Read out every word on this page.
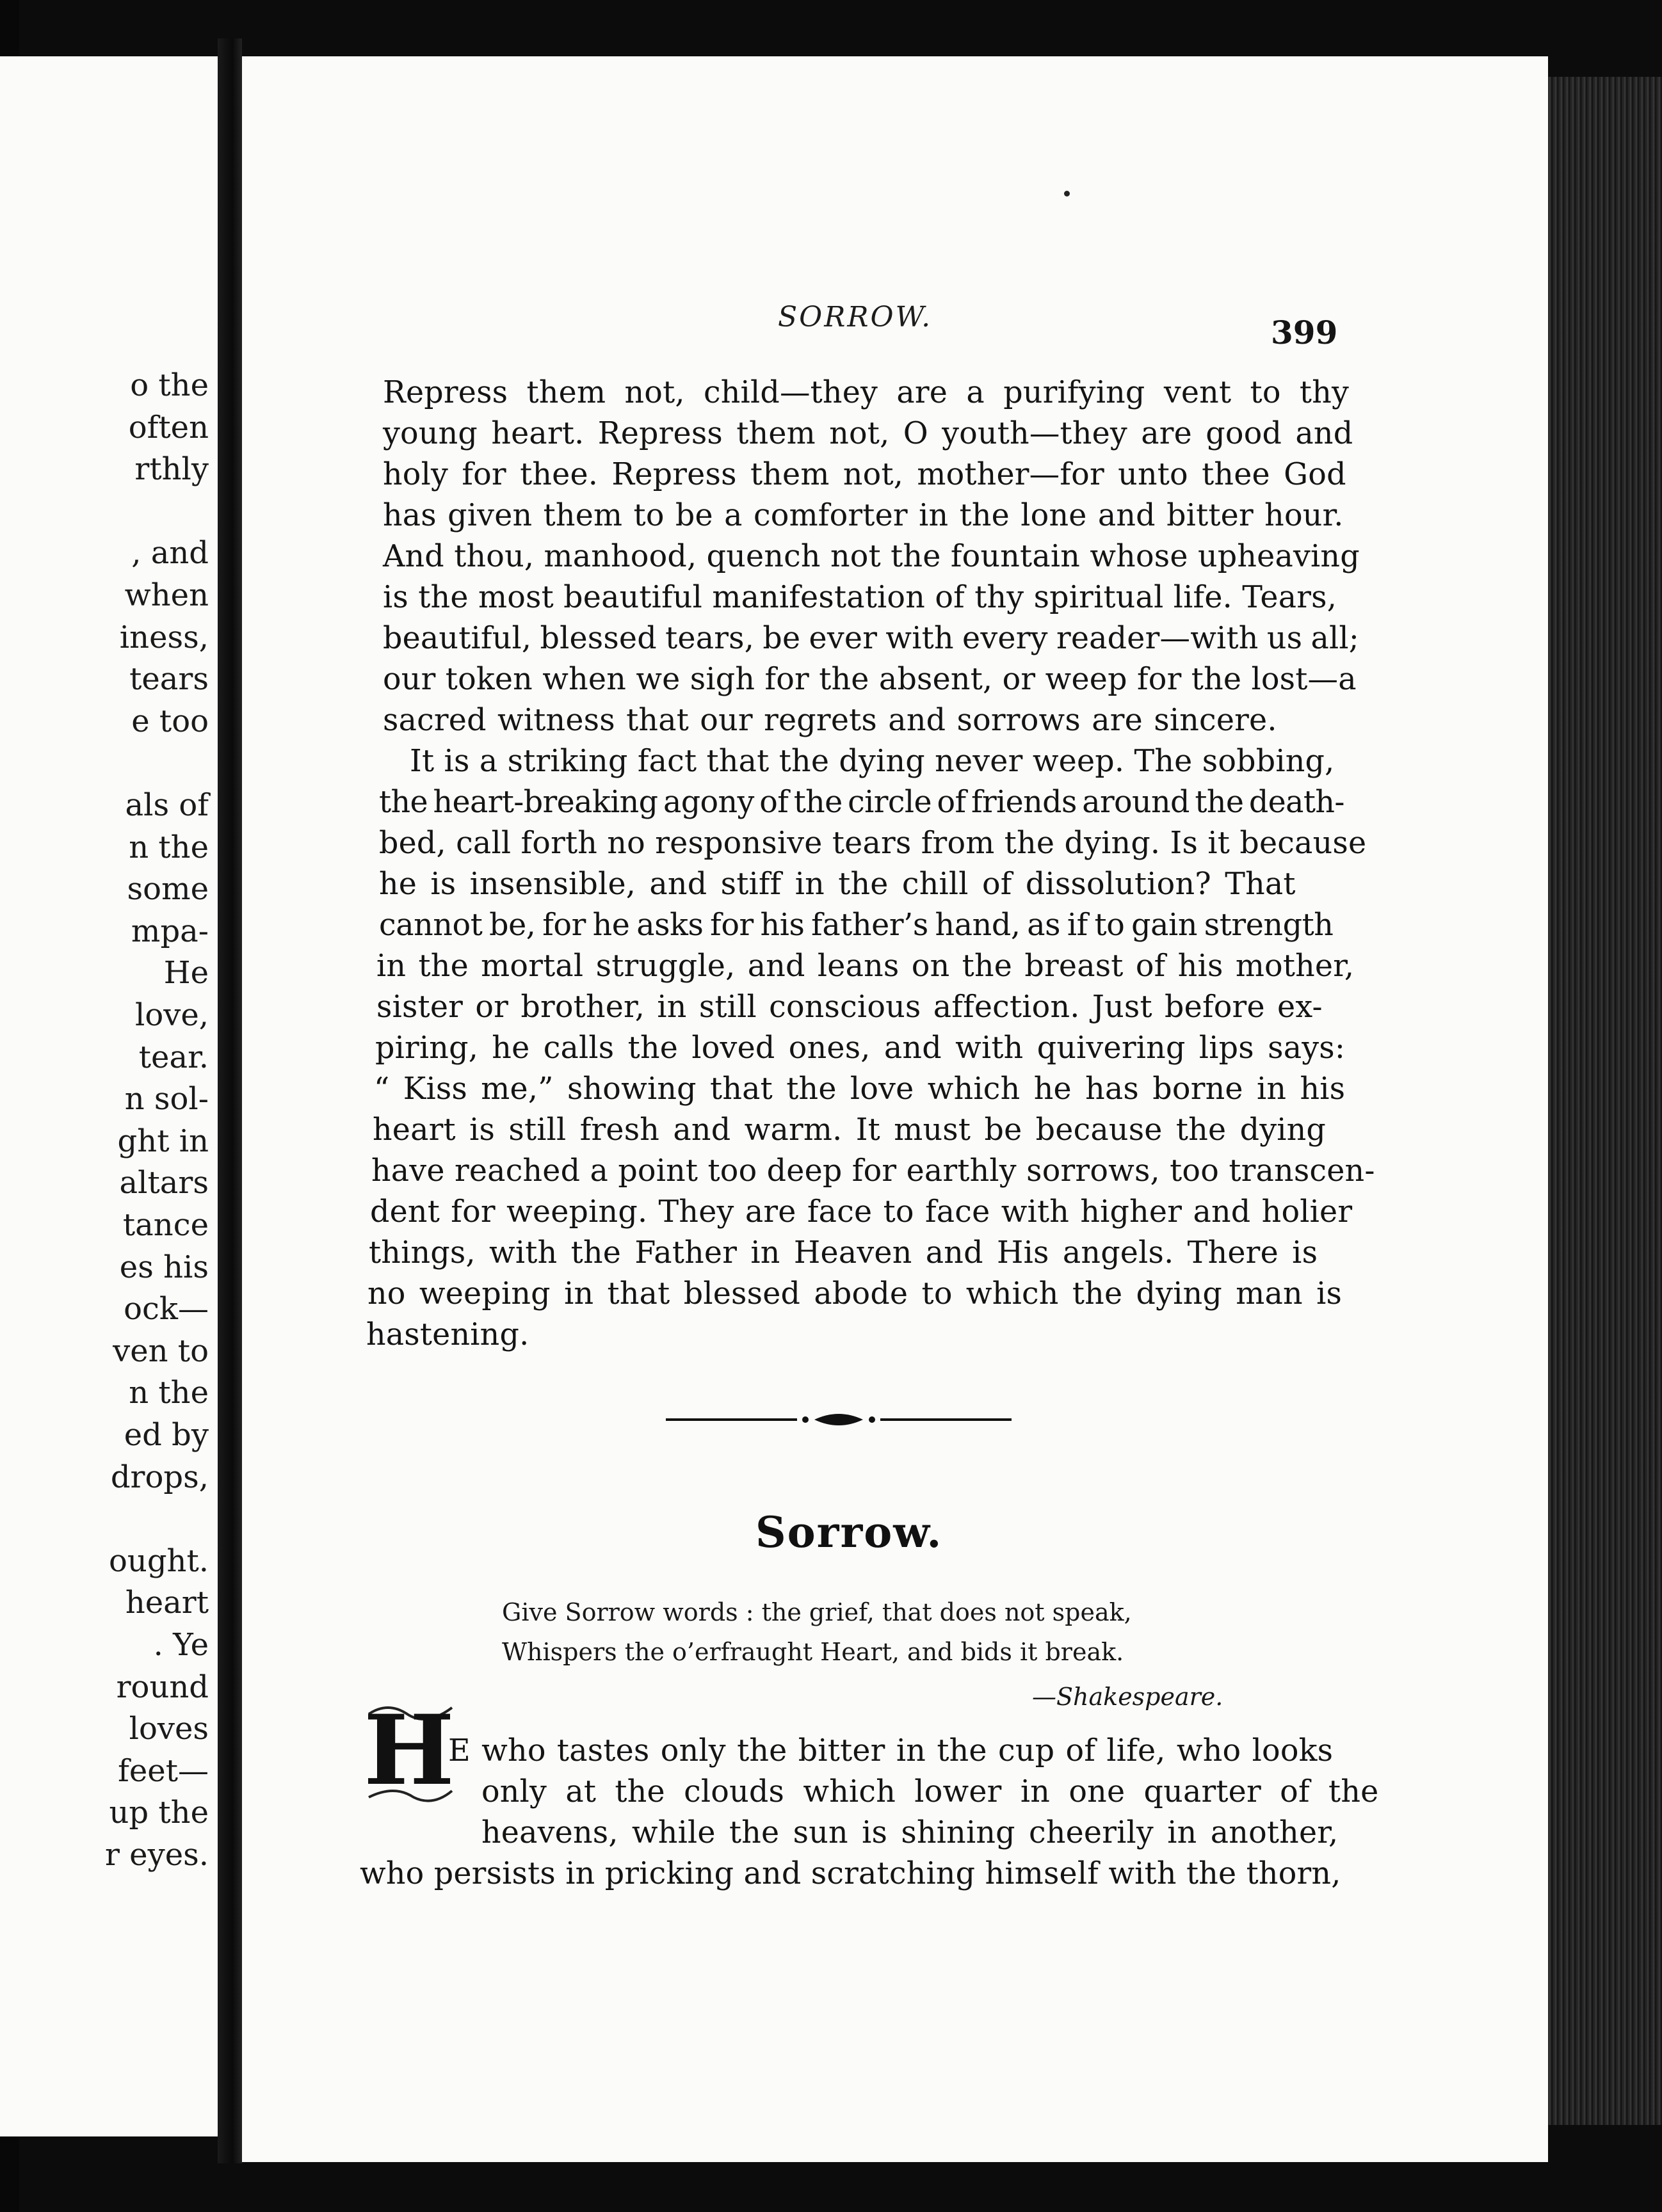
o the
often
rthly
, and
when
iness,
tears
e too
als of
n the
some
mpa-
He
love,
tear.
n sol-
ght in
altars
tance
es his
ock—
ven to
n the
ed by
drops,
ought.
heart
. Ye
round
loves
feet—
up the
r eyes.
SORROW.	399
Repress them not, child—they are a purifying vent to thy
young heart. Repress them not, O youth—they are good and
holy for thee. Repress them not, mother—for unto thee God
has given them to be a comforter in the lone and bitter hour.
And thou, manhood, quench not the fountain whose upheaving
is the most beautiful manifestation of thy spiritual life. Tears,
beautiful, blessed tears, be ever with every reader—with us all;
our token when we sigh for the absent, or weep for the lost—a
sacred witness that our regrets and sorrows are sincere.
It is a striking fact that the dying never weep. The sobbing,
the heart-breaking agony of the circle of friends around the death-
bed, call forth no responsive tears from the dying. Is it because
he is insensible, and stiff in the chill of dissolution? That
cannot be, for he asks for his father’s hand, as if to gain strength
in the mortal struggle, and leans on the breast of his mother,
sister or brother, in still conscious affection. Just before ex-
piring, he calls the loved ones, and with quivering lips says:
“ Kiss me,” showing that the love which he has borne in his
heart is still fresh and warm. It must be because the dying
have reached a point too deep for earthly sorrows, too transcen-
dent for weeping. They are face to face with higher and holier
things, with the Father in Heaven and His angels. There is
no weeping in that blessed abode to which the dying man is
hastening.
Sorrow.
Give Sorrow words : the grief, that does not speak,
Whispers the o’erfraught Heart, and bids it break.
—Shakespeare.
H
E who tastes only the bitter in the cup of life, who looks
only at the clouds which lower in one quarter of the
heavens, while the sun is shining cheerily in another,
who persists in pricking and scratching himself with the thorn,
